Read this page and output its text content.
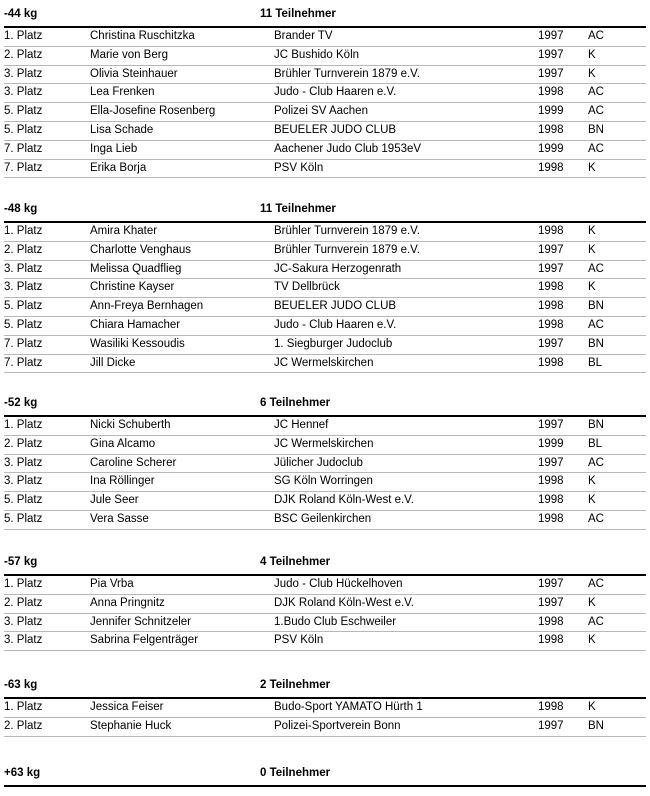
-44 kg	11 Teilnehmer
1. Platz	Christina Ruschitzka	Brander TV	1997 AC
2. Platz	Marie von Berg	JC Bushido Köln	1997 K
3. Platz	Olivia Steinhauer	Brühler Turnverein 1879 e.V.	1997 K
3. Platz	Lea Frenken	Judo - Club Haaren e.V.	1998 AC
5. Platz	Ella-Josefine Rosenberg	Polizei SV Aachen	1999 AC
5. Platz	Lisa Schade	BEUELER JUDO CLUB	1998 BN
7. Platz	Inga Lieb	Aachener Judo Club 1953eV	1999 AC
7. Platz	Erika Borja	PSV Köln	1998 K
-48 kg	11 Teilnehmer
1. Platz	Amira Khater	Brühler Turnverein 1879 e.V.	1998 K
2. Platz	Charlotte Venghaus	Brühler Turnverein 1879 e.V.	1997 K
3. Platz	Melissa Quadflieg	JC-Sakura Herzogenrath	1997 AC
3. Platz	Christine Kayser	TV Dellbrück	1998 K
5. Platz	Ann-Freya Bernhagen	BEUELER JUDO CLUB	1998 BN
5. Platz	Chiara Hamacher	Judo - Club Haaren e.V.	1998 AC
7. Platz	Wasiliki Kessoudis	1. Siegburger Judoclub	1997 BN
7. Platz	Jill Dicke	JC Wermelskirchen	1998 BL
-52 kg	6 Teilnehmer
1. Platz	Nicki Schuberth	JC Hennef	1997 BN
2. Platz	Gina Alcamo	JC Wermelskirchen	1999 BL
3. Platz	Caroline Scherer	Jülicher Judoclub	1997 AC
3. Platz	Ina Röllinger	SG Köln Worringen	1998 K
5. Platz	Jule Seer	DJK Roland Köln-West e.V.	1998 K
5. Platz	Vera Sasse	BSC Geilenkirchen	1998 AC
-57 kg	4 Teilnehmer
1. Platz	Pia Vrba	Judo - Club Hückelhoven	1997 AC
2. Platz	Anna Pringnitz	DJK Roland Köln-West e.V.	1997 K
3. Platz	Jennifer Schnitzeler	1.Budo Club Eschweiler	1998 AC
3. Platz	Sabrina Felgenträger	PSV Köln	1998 K
-63 kg	2 Teilnehmer
1. Platz	Jessica Feiser	Budo-Sport YAMATO Hürth 1	1998 K
2. Platz	Stephanie Huck	Polizei-Sportverein Bonn	1997 BN
+63 kg	0 Teilnehmer
